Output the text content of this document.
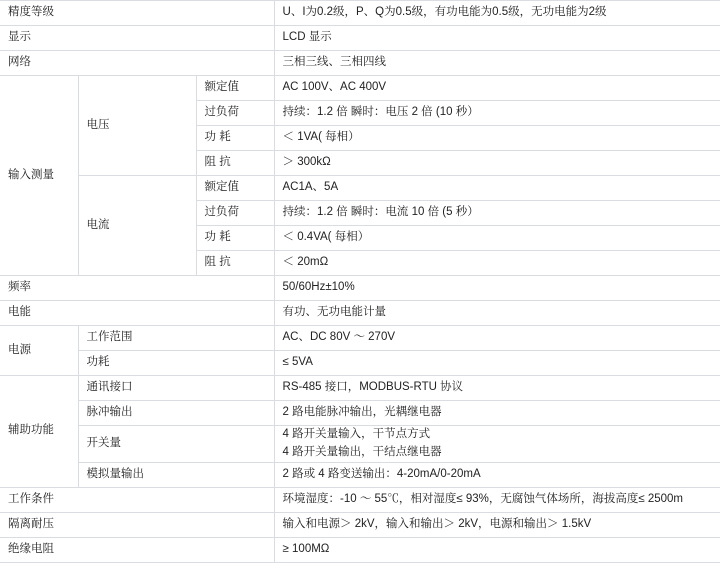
精度等级			U、I为0.2级，P、Q为0.5级，有功电能为0.5级，无功电能为2级
显示			LCD 显示
网络			三相三线、三相四线
输入测量	电压	额定值	AC 100V、AC 400V
		过负荷	持续：1.2 倍 瞬时：电压 2 倍 (10 秒）
		功 耗	＜ 1VA( 每相）
		阻 抗	＞ 300kΩ
	电流	额定值	AC1A、5A
		过负荷	持续：1.2 倍 瞬时：电流 10 倍 (5 秒）
		功 耗	＜ 0.4VA( 每相）
		阻 抗	＜ 20mΩ
频率			50/60Hz±10%
电能			有功、无功电能计量
电源	工作范围		AC、DC 80V ～ 270V
	功耗		≤ 5VA
辅助功能	通讯接口		RS-485 接口，MODBUS-RTU 协议
	脉冲输出		2 路电能脉冲输出，光耦继电器
	开关量		4 路开关量输入，干节点方式
4 路开关量输出，干结点继电器

	模拟量输出		2 路或 4 路变送输出：4-20mA/0-20mA
工作条件			环境湿度：-10 ～ 55℃，相对湿度≤ 93%，无腐蚀气体场所，海拔高度≤ 2500m
隔离耐压			输入和电源＞ 2kV，输入和输出＞ 2kV，电源和输出＞ 1.5kV
绝缘电阻			≥ 100MΩ
